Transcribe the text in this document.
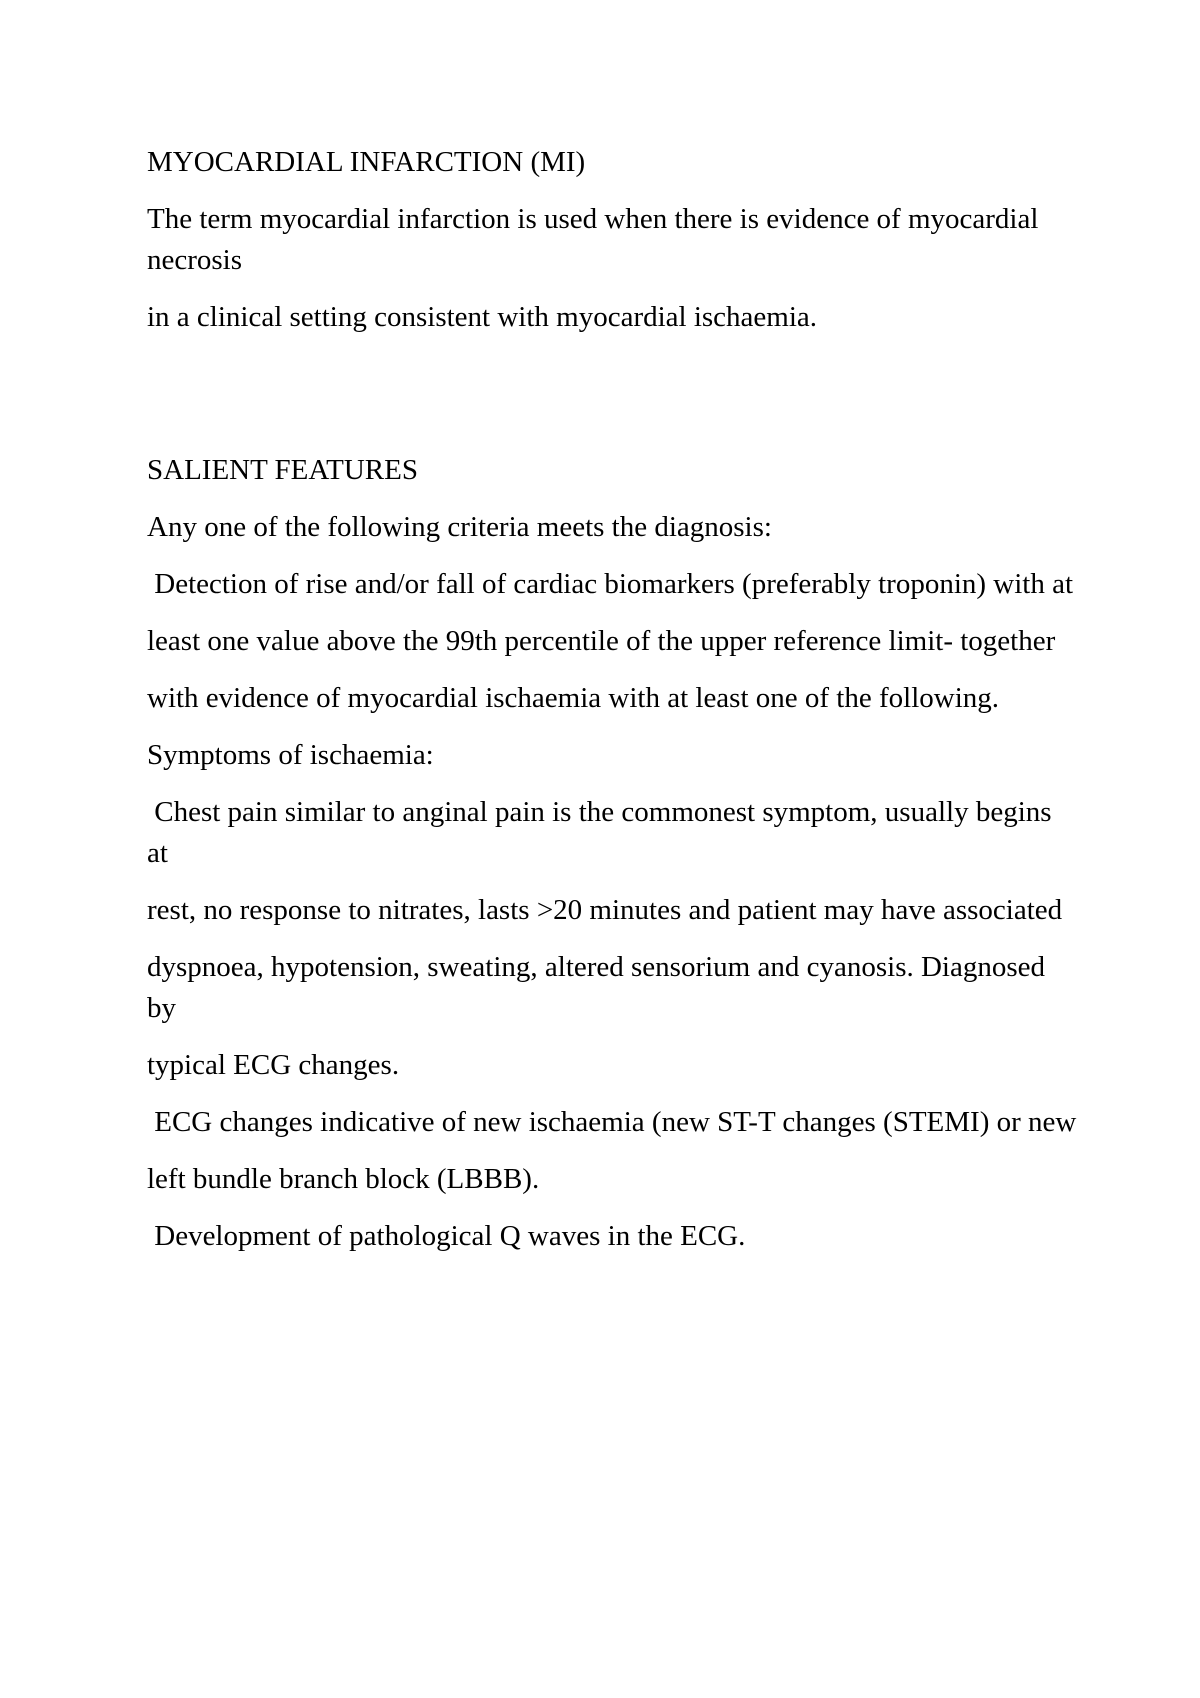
MYOCARDIAL INFARCTION (MI)

The term myocardial infarction is used when there is evidence of myocardial necrosis

in a clinical setting consistent with myocardial ischaemia.

SALIENT FEATURES

Any one of the following criteria meets the diagnosis:

Detection of rise and/or fall of cardiac biomarkers (preferably troponin) with at

least one value above the 99th percentile of the upper reference limit- together

with evidence of myocardial ischaemia with at least one of the following.

Symptoms of ischaemia:

Chest pain similar to anginal pain is the commonest symptom, usually begins at

rest, no response to nitrates, lasts >20 minutes and patient may have associated

dyspnoea, hypotension, sweating, altered sensorium and cyanosis. Diagnosed by

typical ECG changes.

ECG changes indicative of new ischaemia (new ST-T changes (STEMI) or new

left bundle branch block (LBBB).

Development of pathological Q waves in the ECG.
